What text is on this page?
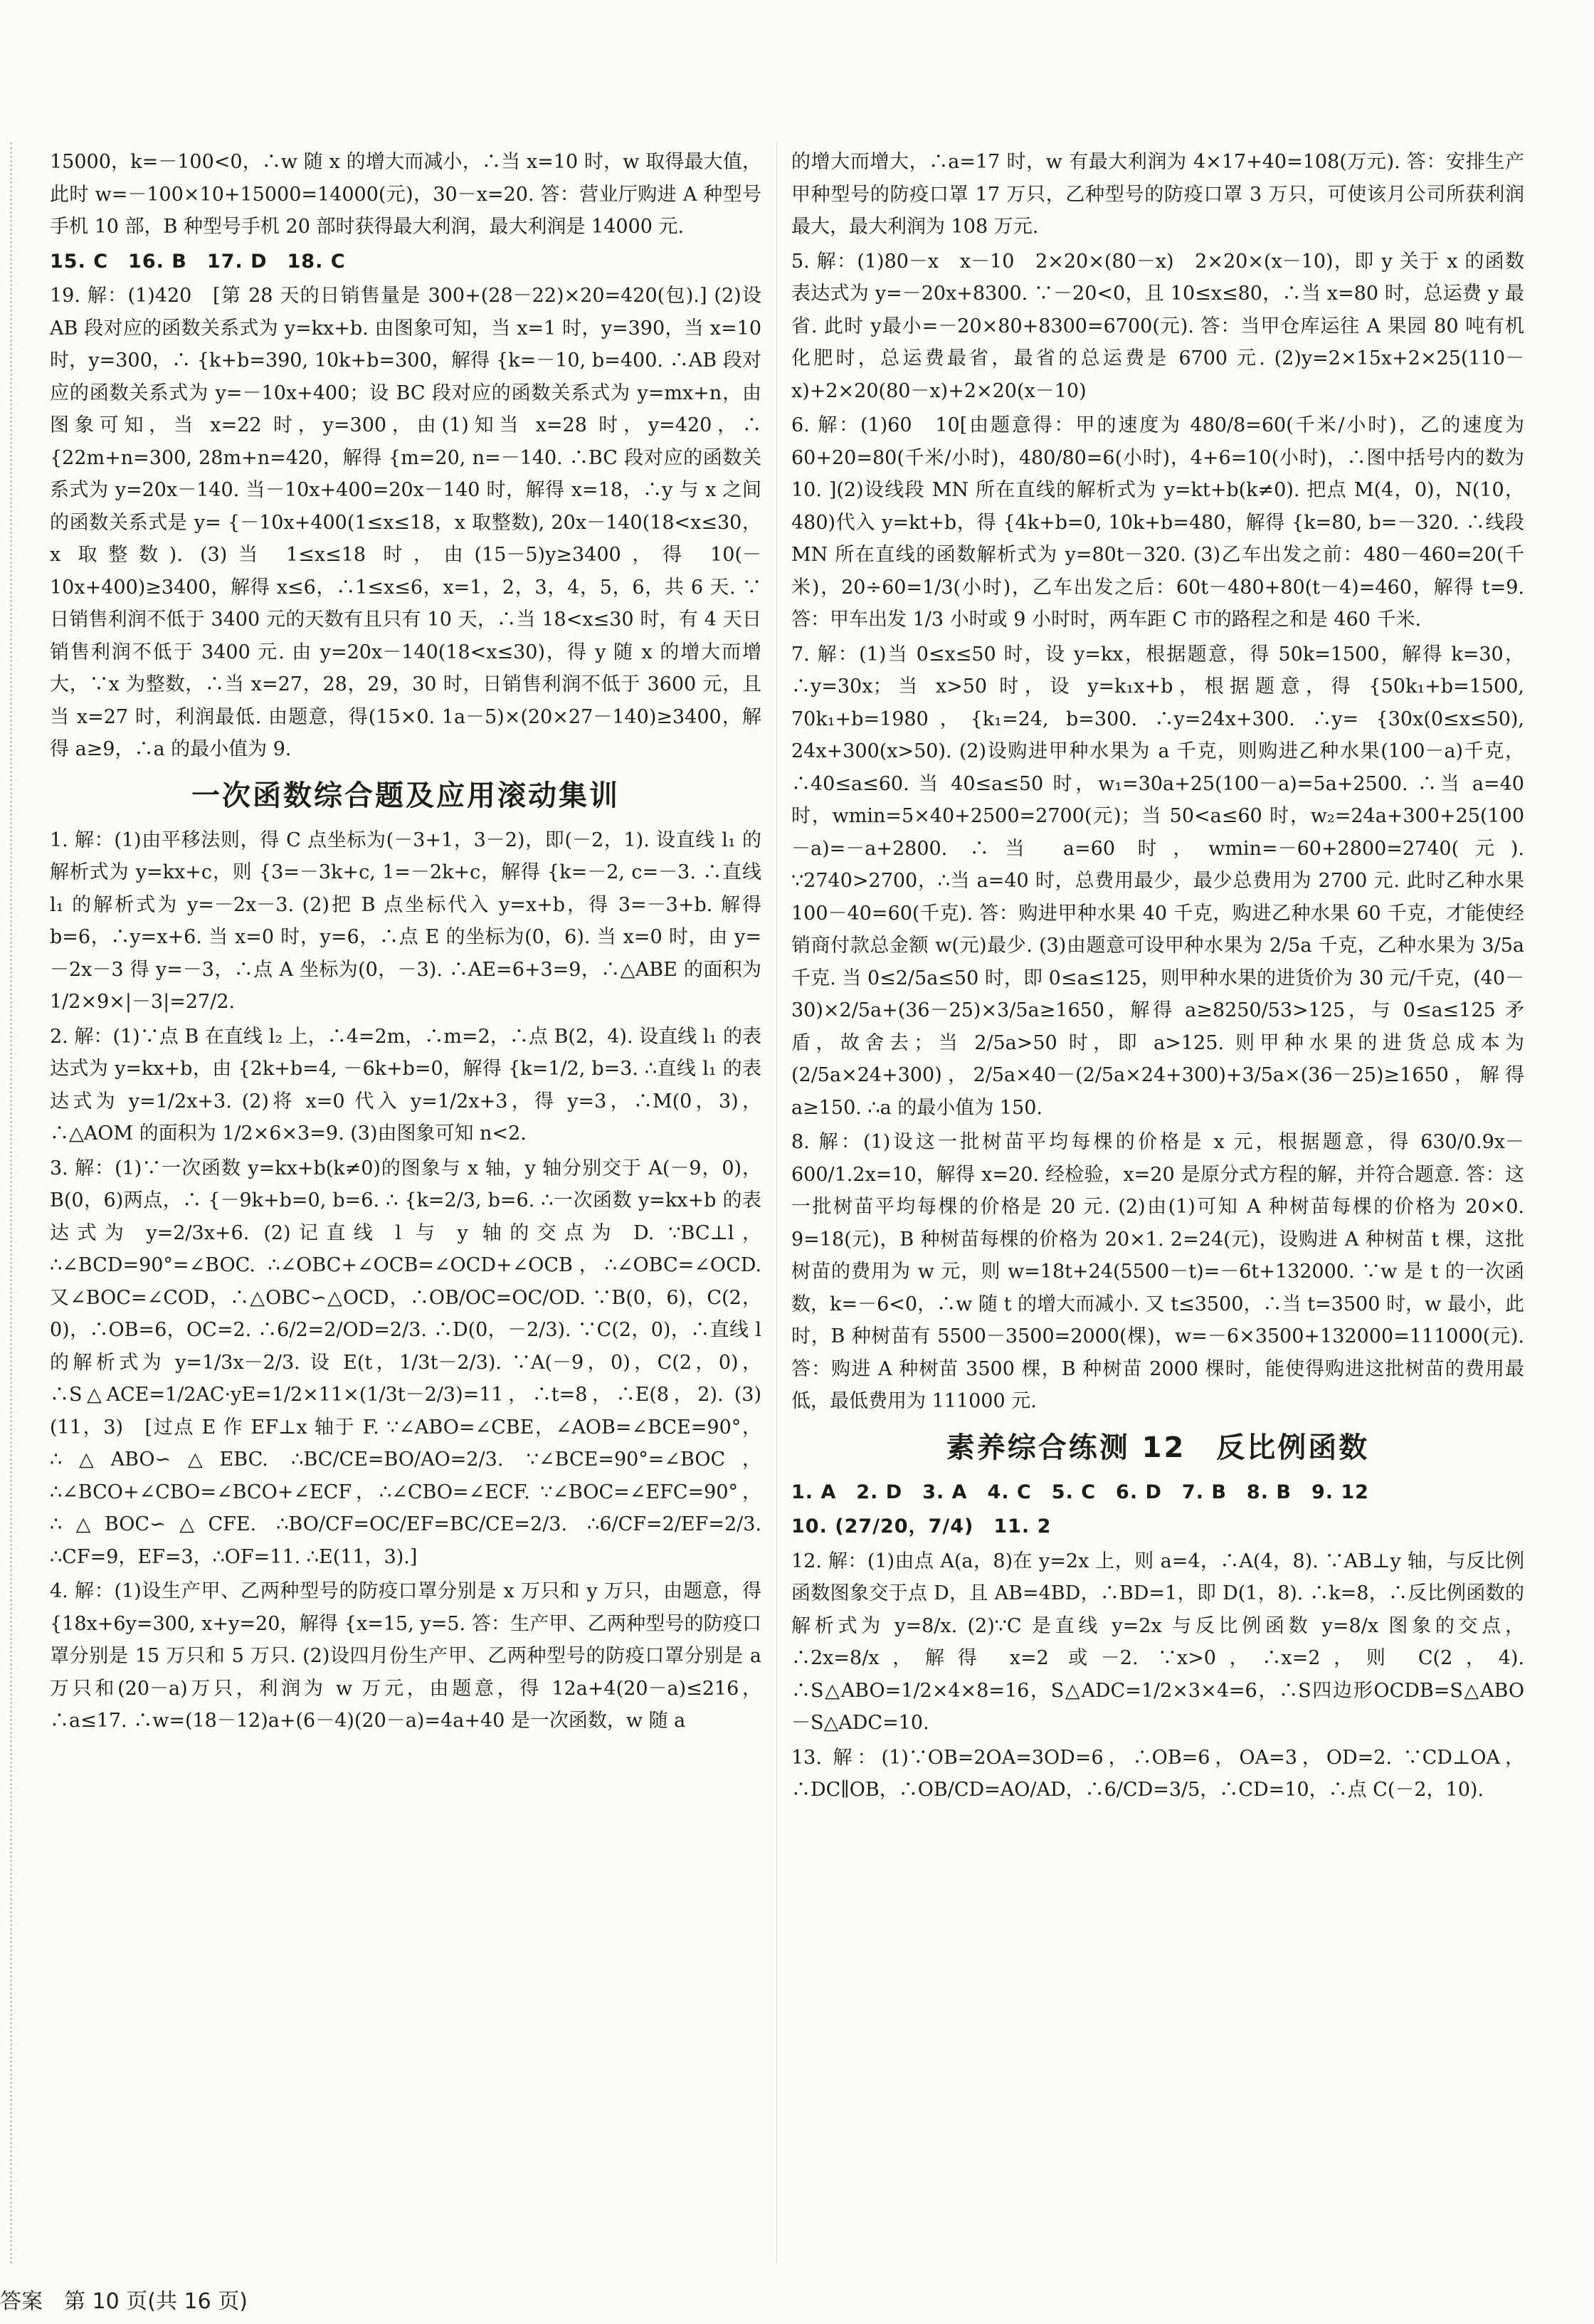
15000，k=－100<0，∴w 随 x 的增大而减小，∴当 x=10 时，w 取得最大值，此时 w=－100×10+15000=14000(元)，30－x=20. 答：营业厅购进 A 种型号手机 10 部，B 种型号手机 20 部时获得最大利润，最大利润是 14000 元.

15. C　16. B　17. D　18. C

19. 解：(1)420　[第 28 天的日销售量是 300+(28－22)×20=420(包).] (2)设 AB 段对应的函数关系式为 y=kx+b. 由图象可知，当 x=1 时，y=390，当 x=10 时，y=300，∴ {k+b=390, 10k+b=300，解得 {k=－10, b=400. ∴AB 段对应的函数关系式为 y=－10x+400；设 BC 段对应的函数关系式为 y=mx+n，由图象可知，当 x=22 时，y=300，由(1)知当 x=28 时，y=420，∴ {22m+n=300, 28m+n=420，解得 {m=20, n=－140. ∴BC 段对应的函数关系式为 y=20x－140. 当－10x+400=20x－140 时，解得 x=18，∴y 与 x 之间的函数关系式是 y= {－10x+400(1≤x≤18，x 取整数), 20x－140(18<x≤30，x 取整数). (3)当 1≤x≤18 时，由(15－5)y≥3400，得 10(－10x+400)≥3400，解得 x≤6，∴1≤x≤6，x=1，2，3，4，5，6，共 6 天. ∵日销售利润不低于 3400 元的天数有且只有 10 天，∴当 18<x≤30 时，有 4 天日销售利润不低于 3400 元. 由 y=20x－140(18<x≤30)，得 y 随 x 的增大而增大，∵x 为整数，∴当 x=27，28，29，30 时，日销售利润不低于 3600 元，且当 x=27 时，利润最低. 由题意，得(15×0. 1a－5)×(20×27－140)≥3400，解得 a≥9，∴a 的最小值为 9.

一次函数综合题及应用滚动集训

1. 解：(1)由平移法则，得 C 点坐标为(－3+1，3－2)，即(－2，1). 设直线 l₁ 的解析式为 y=kx+c，则 {3=－3k+c, 1=－2k+c，解得 {k=－2, c=－3. ∴直线 l₁ 的解析式为 y=－2x－3. (2)把 B 点坐标代入 y=x+b，得 3=－3+b. 解得 b=6，∴y=x+6. 当 x=0 时，y=6，∴点 E 的坐标为(0，6). 当 x=0 时，由 y=－2x－3 得 y=－3，∴点 A 坐标为(0，－3). ∴AE=6+3=9，∴△ABE 的面积为 1/2×9×|－3|=27/2.

2. 解：(1)∵点 B 在直线 l₂ 上，∴4=2m，∴m=2，∴点 B(2，4). 设直线 l₁ 的表达式为 y=kx+b，由 {2k+b=4, －6k+b=0，解得 {k=1/2, b=3. ∴直线 l₁ 的表达式为 y=1/2x+3. (2)将 x=0 代入 y=1/2x+3，得 y=3，∴M(0，3)，∴△AOM 的面积为 1/2×6×3=9. (3)由图象可知 n<2.

3. 解：(1)∵一次函数 y=kx+b(k≠0)的图象与 x 轴，y 轴分别交于 A(－9，0)，B(0，6)两点，∴ {－9k+b=0, b=6. ∴ {k=2/3, b=6. ∴一次函数 y=kx+b 的表达式为 y=2/3x+6. (2)记直线 l 与 y 轴的交点为 D. ∵BC⊥l，∴∠BCD=90°=∠BOC. ∴∠OBC+∠OCB=∠OCD+∠OCB，∴∠OBC=∠OCD. 又∠BOC=∠COD，∴△OBC∽△OCD，∴OB/OC=OC/OD. ∵B(0，6)，C(2，0)，∴OB=6，OC=2. ∴6/2=2/OD=2/3. ∴D(0，－2/3). ∵C(2，0)，∴直线 l 的解析式为 y=1/3x－2/3. 设 E(t，1/3t－2/3). ∵A(－9，0)，C(2，0)，∴S△ACE=1/2AC·yE=1/2×11×(1/3t－2/3)=11，∴t=8，∴E(8，2). (3)(11，3)　[过点 E 作 EF⊥x 轴于 F. ∵∠ABO=∠CBE，∠AOB=∠BCE=90°，∴△ABO∽△EBC. ∴BC/CE=BO/AO=2/3. ∵∠BCE=90°=∠BOC，∴∠BCO+∠CBO=∠BCO+∠ECF，∴∠CBO=∠ECF. ∵∠BOC=∠EFC=90°，∴△BOC∽△CFE. ∴BO/CF=OC/EF=BC/CE=2/3. ∴6/CF=2/EF=2/3. ∴CF=9，EF=3，∴OF=11. ∴E(11，3).]

4. 解：(1)设生产甲、乙两种型号的防疫口罩分别是 x 万只和 y 万只，由题意，得 {18x+6y=300, x+y=20，解得 {x=15, y=5. 答：生产甲、乙两种型号的防疫口罩分别是 15 万只和 5 万只. (2)设四月份生产甲、乙两种型号的防疫口罩分别是 a 万只和(20－a)万只，利润为 w 万元，由题意，得 12a+4(20－a)≤216，∴a≤17. ∴w=(18－12)a+(6－4)(20－a)=4a+40 是一次函数，w 随 a

的增大而增大，∴a=17 时，w 有最大利润为 4×17+40=108(万元). 答：安排生产甲种型号的防疫口罩 17 万只，乙种型号的防疫口罩 3 万只，可使该月公司所获利润最大，最大利润为 108 万元.

5. 解：(1)80－x　x－10　2×20×(80－x)　2×20×(x－10)，即 y 关于 x 的函数表达式为 y=－20x+8300. ∵－20<0，且 10≤x≤80，∴当 x=80 时，总运费 y 最省. 此时 y最小=－20×80+8300=6700(元). 答：当甲仓库运往 A 果园 80 吨有机化肥时，总运费最省，最省的总运费是 6700 元. (2)y=2×15x+2×25(110－x)+2×20(80－x)+2×20(x－10)

6. 解：(1)60　10[由题意得：甲的速度为 480/8=60(千米/小时)，乙的速度为 60+20=80(千米/小时)，480/80=6(小时)，4+6=10(小时)，∴图中括号内的数为 10. ](2)设线段 MN 所在直线的解析式为 y=kt+b(k≠0). 把点 M(4，0)，N(10，480)代入 y=kt+b，得 {4k+b=0, 10k+b=480，解得 {k=80, b=－320. ∴线段 MN 所在直线的函数解析式为 y=80t－320. (3)乙车出发之前：480－460=20(千米)，20÷60=1/3(小时)，乙车出发之后：60t－480+80(t－4)=460，解得 t=9. 答：甲车出发 1/3 小时或 9 小时时，两车距 C 市的路程之和是 460 千米.

7. 解：(1)当 0≤x≤50 时，设 y=kx，根据题意，得 50k=1500，解得 k=30，∴y=30x；当 x>50 时，设 y=k₁x+b，根据题意，得 {50k₁+b=1500, 70k₁+b=1980，{k₁=24, b=300. ∴y=24x+300. ∴y= {30x(0≤x≤50), 24x+300(x>50). (2)设购进甲种水果为 a 千克，则购进乙种水果(100－a)千克，∴40≤a≤60. 当 40≤a≤50 时，w₁=30a+25(100－a)=5a+2500. ∴当 a=40 时，wmin=5×40+2500=2700(元)；当 50<a≤60 时，w₂=24a+300+25(100－a)=－a+2800. ∴当 a=60 时，wmin=－60+2800=2740(元). ∵2740>2700，∴当 a=40 时，总费用最少，最少总费用为 2700 元. 此时乙种水果 100－40=60(千克). 答：购进甲种水果 40 千克，购进乙种水果 60 千克，才能使经销商付款总金额 w(元)最少. (3)由题意可设甲种水果为 2/5a 千克，乙种水果为 3/5a 千克. 当 0≤2/5a≤50 时，即 0≤a≤125，则甲种水果的进货价为 30 元/千克，(40－30)×2/5a+(36－25)×3/5a≥1650，解得 a≥8250/53>125，与 0≤a≤125 矛盾，故舍去；当 2/5a>50 时，即 a>125. 则甲种水果的进货总成本为(2/5a×24+300)，2/5a×40－(2/5a×24+300)+3/5a×(36－25)≥1650，解得 a≥150. ∴a 的最小值为 150.

8. 解：(1)设这一批树苗平均每棵的价格是 x 元，根据题意，得 630/0.9x－600/1.2x=10，解得 x=20. 经检验，x=20 是原分式方程的解，并符合题意. 答：这一批树苗平均每棵的价格是 20 元. (2)由(1)可知 A 种树苗每棵的价格为 20×0. 9=18(元)，B 种树苗每棵的价格为 20×1. 2=24(元)，设购进 A 种树苗 t 棵，这批树苗的费用为 w 元，则 w=18t+24(5500－t)=－6t+132000. ∵w 是 t 的一次函数，k=－6<0，∴w 随 t 的增大而减小. 又 t≤3500，∴当 t=3500 时，w 最小，此时，B 种树苗有 5500－3500=2000(棵)，w=－6×3500+132000=111000(元). 答：购进 A 种树苗 3500 棵，B 种树苗 2000 棵时，能使得购进这批树苗的费用最低，最低费用为 111000 元.

素养综合练测 12　反比例函数

1. A　2. D　3. A　4. C　5. C　6. D　7. B　8. B　9. 12

10. (27/20，7/4)　11. 2

12. 解：(1)由点 A(a，8)在 y=2x 上，则 a=4，∴A(4，8). ∵AB⊥y 轴，与反比例函数图象交于点 D，且 AB=4BD，∴BD=1，即 D(1，8). ∴k=8，∴反比例函数的解析式为 y=8/x. (2)∵C 是直线 y=2x 与反比例函数 y=8/x 图象的交点，∴2x=8/x，解得 x=2 或－2. ∵x>0，∴x=2，则 C(2，4). ∴S△ABO=1/2×4×8=16，S△ADC=1/2×3×4=6，∴S四边形OCDB=S△ABO－S△ADC=10.

13. 解：(1)∵OB=2OA=3OD=6，∴OB=6，OA=3，OD=2. ∵CD⊥OA，∴DC∥OB，∴OB/CD=AO/AD，∴6/CD=3/5，∴CD=10，∴点 C(－2，10).

答案　第 10 页(共 16 页)
